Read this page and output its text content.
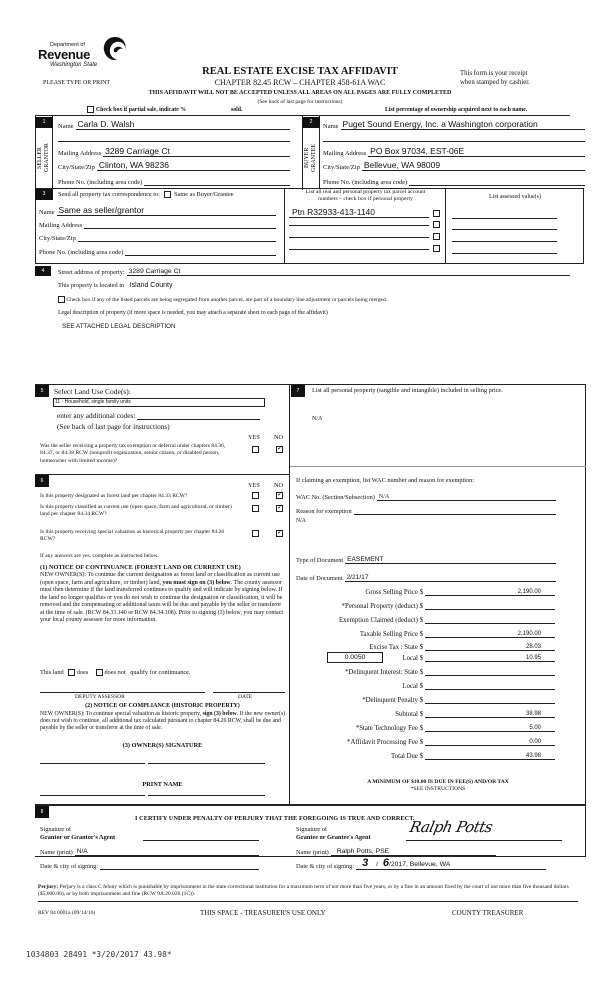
Department of
Revenue
Washington State
REAL ESTATE EXCISE TAX AFFIDAVIT
CHAPTER 82.45 RCW – CHAPTER 458-61A WAC
PLEASE TYPE OR PRINT
This form is your receipt
when stamped by cashier.
THIS AFFIDAVIT WILL NOT BE ACCEPTED UNLESS ALL AREAS ON ALL PAGES ARE FULLY COMPLETED
(See back of last page for instructions)
Check box if partial sale, indicate %	sold.	List percentage of ownership acquired next to each name.
1
SELLER
GRANTOR
Name Carla D. Walsh
Mailing Address 3289 Carriage Ct
City/State/Zip Clinton, WA 98236
Phone No. (including area code)
2
BUYER
GRANTEE
Name Puget Sound Energy, Inc. a Washington corporation
Mailing Address PO Box 97034, EST-06E
City/State/Zip Bellevue, WA 98009
Phone No. (including area code)
3	Send all property tax correspondence to: Same as Buyer/Grantee
Name Same as seller/grantor
Mailing Address
City/State/Zip
Phone No. (including area code)
List all real and personal property tax parcel account
numbers – check box if personal property	List assessed value(s)
Ptn R32933-413-1140
4	Street address of property: 3289 Carriage Ct
This property is located in Island County
Check box if any of the listed parcels are being segregated from another parcel, are part of a boundary line adjustment or parcels being merged.
Legal description of property (if more space is needed, you may attach a separate sheet to each page of the affidavit)
SEE ATTACHED LEGAL DESCRIPTION
5	Select Land Use Code(s):
11 - Household, single family units
enter any additional codes:
(See back of last page for instructions)
YES NO
Was the seller receiving a property tax exemption or deferral under chapters 84.36, 84.37, or 84.38 RCW (nonprofit organization, senior citizen, or disabled person, homeowner with limited income)?
✓
6
YES NO
Is this property designated as forest land per chapter 84.33 RCW?
✓
Is this property classified as current use (open space, farm and agricultural, or timber) land per chapter 84.34 RCW?
✓
Is this property receiving special valuation as historical property per chapter 84.26 RCW?
✓
If any answers are yes, complete as instructed below.
(1) NOTICE OF CONTINUANCE (FOREST LAND OR CURRENT USE)
NEW OWNER(S): To continue the current designation as forest land or classification as current use (open space, farm and agriculture, or timber) land, you must sign on (3) below. The county assessor must then determine if the land transferred continues to qualify and will indicate by signing below. If the land no longer qualifies or you do not wish to continue the designation or classification, it will be removed and the compensating or additional taxes will be due and payable by the seller or transferor at the time of sale. (RCW 84.33.140 or RCW 84.34.108). Prior to signing (3) below, you may contact your local county assessor for more information.
This land does	does not qualify for continuance.
DEPUTY ASSESSOR	DATE
(2) NOTICE OF COMPLIANCE (HISTORIC PROPERTY)
NEW OWNER(S): To continue special valuation as historic property, sign (3) below. If the new owner(s) does not wish to continue, all additional tax calculated pursuant to chapter 84.26 RCW, shall be due and payable by the seller or transferor at the time of sale.
(3) OWNER(S) SIGNATURE
PRINT NAME
7	List all personal property (tangible and intangible) included in selling price.
N/A
If claiming an exemption, list WAC number and reason for exemption:
WAC No. (Section/Subsection) N/A
Reason for exemption
N/A
Type of Document EASEMENT
Date of Document 2/21/17
Gross Selling Price $	2,190.00
*Personal Property (deduct) $
Exemption Claimed (deduct) $
Taxable Selling Price $	2,190.00
Excise Tax : State $	28.03
0.0050	Local $	10.95
*Delinquent Interest: State $
Local $
*Delinquent Penalty $
Subtotal $	38.98
*State Technology Fee $	5.00
*Affidavit Processing Fee $	0.00
Total Due $	43.98
A MINIMUM OF $10.00 IS DUE IN FEE(S) AND/OR TAX
*SEE INSTRUCTIONS
8
I CERTIFY UNDER PENALTY OF PERJURY THAT THE FOREGOING IS TRUE AND CORRECT.
Signature of
Grantor or Grantor's Agent
Name (print) N/A
Date & city of signing:
Signature of
Grantee or Grantee's Agent
Ralph Potts
Name (print)	Ralph Potts, PSE
Date & city of signing: 3 / 6/2017, Bellevue, WA
Perjury: Perjury is a class C felony which is punishable by imprisonment in the state correctional institution for a maximum term of not more than five years, or by a fine in an amount fixed by the court of not more than five thousand dollars ($5,000.00), or by both imprisonment and fine (RCW 9A.20.020 (1C)).
REV 84 0001a (09/14/16)	THIS SPACE - TREASURER'S USE ONLY	COUNTY TREASURER
1034803 28491 *3/20/2017 43.98*
